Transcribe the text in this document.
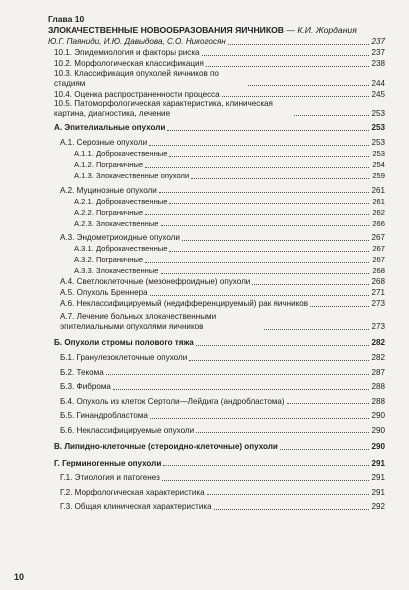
Глава 10
ЗЛОКАЧЕСТВЕННЫЕ НОВООБРАЗОВАНИЯ ЯИЧНИКОВ — К.И. Жордания
Ю.Г. Паяниди, И.Ю. Давыдова, С.О. Никогосян	237
10.1. Эпидемиология и факторы риска	237
10.2. Морфологическая классификация	238
10.3. Классификация опухолей яичников по стадиям	244
10.4. Оценка распространенности процесса	245
10.5. Патоморфологическая характеристика, клиническая картина, диагностика, лечение	253
А. Эпителиальные опухоли	253
А.1. Серозные опухоли	253
А.1.1. Доброкачественные	253
А.1.2. Пограничные	254
А.1.3. Злокачественные опухоли	259
А.2. Муцинозные опухоли	261
А.2.1. Доброкачественные	261
А.2.2. Пограничные	262
А.2.3. Злокачественные	266
А.3. Эндометриоидные опухоли	267
А.3.1. Доброкачественные	267
А.3.2. Пограничные	267
А.3.3. Злокачественные	268
А.4. Светлоклеточные (мезонефроидные) опухоли	268
А.5. Опухоль Бреннера	271
А.6. Неклассифицируемый (недифференцируемый) рак яичников	273
А.7. Лечение больных злокачественными эпителиальными опухолями яичников	273
Б. Опухоли стромы полового тяжа	282
Б.1. Гранулезоклеточные опухоли	282
Б.2. Текома	287
Б.3. Фиброма	288
Б.4. Опухоль из клеток Сертоли—Лейдига (андробластома)	288
Б.5. Гинандробластома	290
Б.6. Неклассифицируемые опухоли	290
В. Липидно-клеточные (стероидно-клеточные) опухоли	290
Г. Герминогенные опухоли	291
Г.1. Этиология и патогенез	291
Г.2. Морфологическая характеристика	291
Г.3. Общая клиническая характеристика	292
10
